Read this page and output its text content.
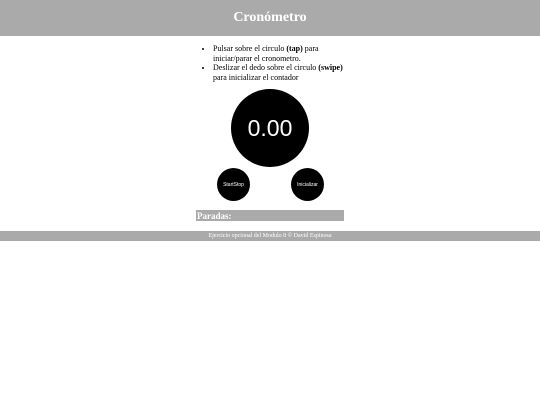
Cronómetro
• Pulsar sobre el circulo (tap) para iniciar/parar el cronometro.
• Deslizar el dedo sobre el circulo (swipe) para inicializar el contador
0.00
StartStop	Inicializar
Paradas:
Ejercicio opcional del Modulo 8 © David Espinosa
